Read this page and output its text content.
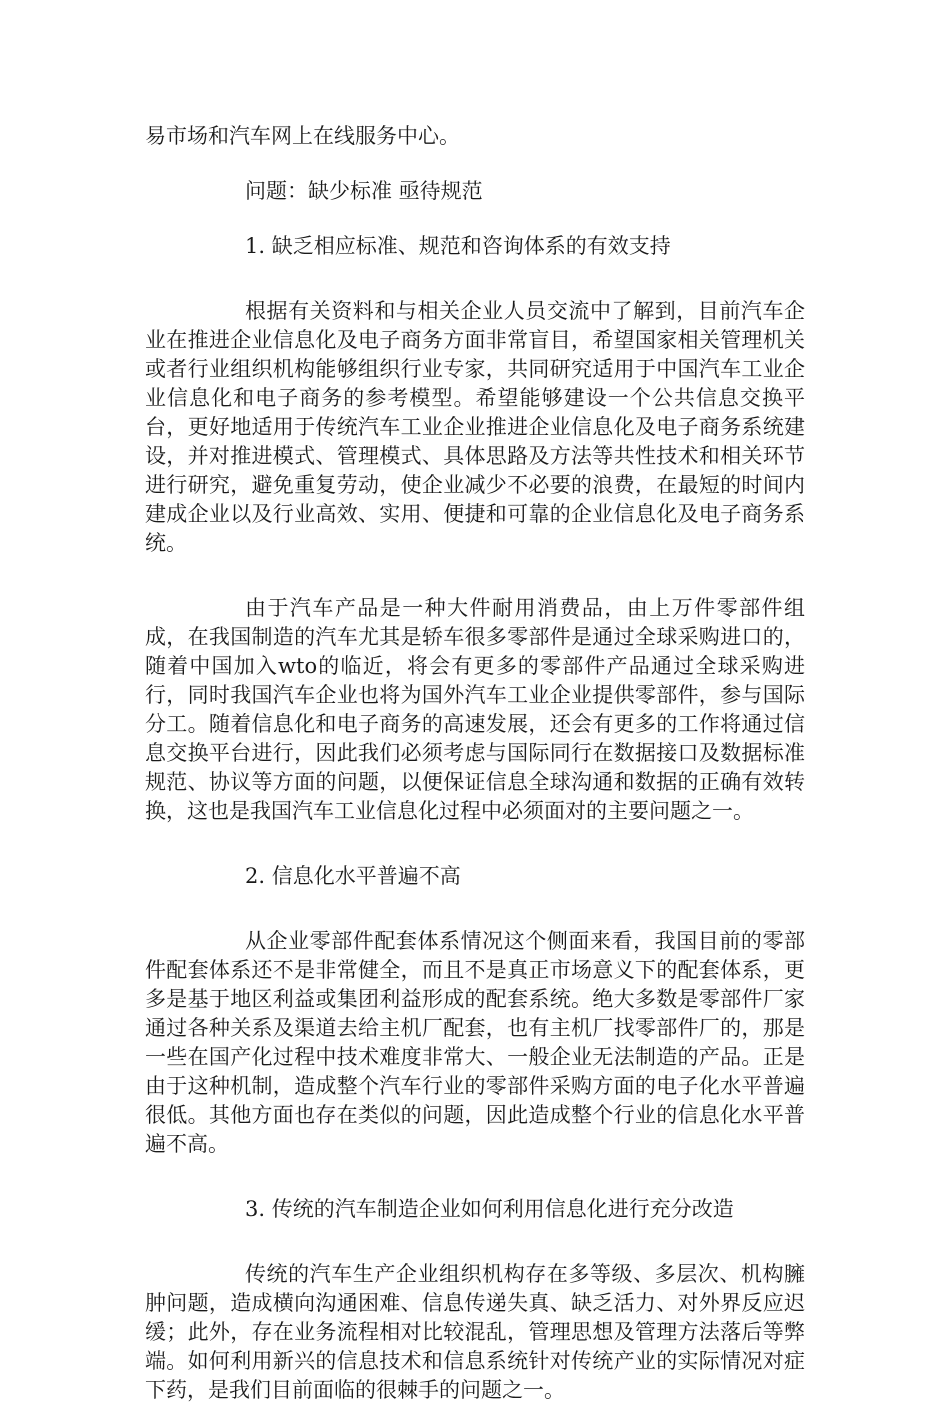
易市场和汽车网上在线服务中心。

问题：缺少标准 亟待规范

1. 缺乏相应标准、规范和咨询体系的有效支持

根据有关资料和与相关企业人员交流中了解到，目前汽车企业在推进企业信息化及电子商务方面非常盲目，希望国家相关管理机关或者行业组织机构能够组织行业专家，共同研究适用于中国汽车工业企业信息化和电子商务的参考模型。希望能够建设一个公共信息交换平台，更好地适用于传统汽车工业企业推进企业信息化及电子商务系统建设，并对推进模式、管理模式、具体思路及方法等共性技术和相关环节进行研究，避免重复劳动，使企业减少不必要的浪费，在最短的时间内建成企业以及行业高效、实用、便捷和可靠的企业信息化及电子商务系统。

由于汽车产品是一种大件耐用消费品，由上万件零部件组成，在我国制造的汽车尤其是轿车很多零部件是通过全球采购进口的，随着中国加入wto的临近，将会有更多的零部件产品通过全球采购进行，同时我国汽车企业也将为国外汽车工业企业提供零部件，参与国际分工。随着信息化和电子商务的高速发展，还会有更多的工作将通过信息交换平台进行，因此我们必须考虑与国际同行在数据接口及数据标准规范、协议等方面的问题，以便保证信息全球沟通和数据的正确有效转换，这也是我国汽车工业信息化过程中必须面对的主要问题之一。

2. 信息化水平普遍不高

从企业零部件配套体系情况这个侧面来看，我国目前的零部件配套体系还不是非常健全，而且不是真正市场意义下的配套体系，更多是基于地区利益或集团利益形成的配套系统。绝大多数是零部件厂家通过各种关系及渠道去给主机厂配套，也有主机厂找零部件厂的，那是一些在国产化过程中技术难度非常大、一般企业无法制造的产品。正是由于这种机制，造成整个汽车行业的零部件采购方面的电子化水平普遍很低。其他方面也存在类似的问题，因此造成整个行业的信息化水平普遍不高。

3. 传统的汽车制造企业如何利用信息化进行充分改造

传统的汽车生产企业组织机构存在多等级、多层次、机构臃肿问题，造成横向沟通困难、信息传递失真、缺乏活力、对外界反应迟缓；此外，存在业务流程相对比较混乱，管理思想及管理方法落后等弊端。如何利用新兴的信息技术和信息系统针对传统产业的实际情况对症下药，是我们目前面临的很棘手的问题之一。
